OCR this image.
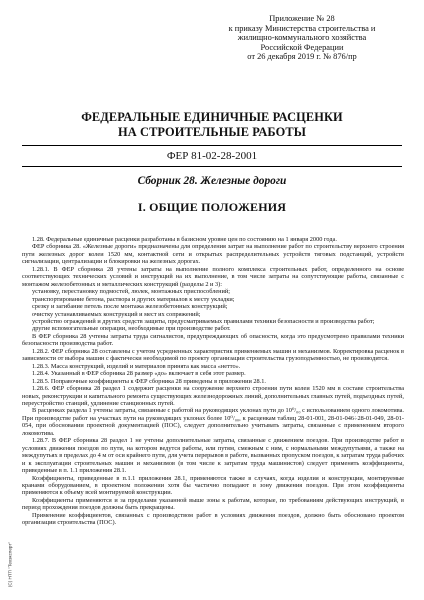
Приложение № 28
к приказу Министерства строительства и
жилищно-коммунального хозяйства
Российской Федерации
от 26 декабря 2019 г. № 876/пр
ФЕДЕРАЛЬНЫЕ ЕДИНИЧНЫЕ РАСЦЕНКИ
НА СТРОИТЕЛЬНЫЕ РАБОТЫ
ФЕР 81-02-28-2001
Сборник 28. Железные дороги
I. ОБЩИЕ ПОЛОЖЕНИЯ

1.28. Федеральные единичные расценки разработаны в базисном уровне цен по состоянию на 1 января 2000 года.

ФЕР сборника 28. «Железные дороги» предназначены для определения затрат на выполнение работ по строительству верхнего строения пути железных дорог колеи 1520 мм, контактной сети и открытых распределительных устройств тяговых подстанций, устройств сигнализации, централизации и блокировки на железных дорогах.

1.28.1. В ФЕР сборника 28 учтены затраты на выполнение полного комплекса строительных работ, определенного на основе соответствующих технических условий и инструкций на их выполнение, в том числе затраты на сопутствующие работы, связанные с монтажом железобетонных и металлических конструкций (разделы 2 и 3):

установку, перестановку подмостей, люлек, монтажных приспособлений;

транспортирование бетона, раствора и других материалов к месту укладки;

срезку и загибание петель после монтажа железобетонных конструкций;

очистку устанавливаемых конструкций и мест их сопряжений;

устройство ограждений и других средств защиты, предусматриваемых правилами техники безопасности и производства работ;

другие вспомогательные операции, необходимые при производстве работ.

В ФЕР сборника 28 учтены затраты труда сигналистов, предупреждающих об опасности, когда это предусмотрено правилами техники безопасности производства работ.

1.28.2. ФЕР сборника 28 составлены с учетом усредненных характеристик применяемых машин и механизмов. Корректировка расценок в зависимости от выбора машин с фактически необходимой по проекту организации строительства грузоподъемностью, не производится.

1.28.3. Масса конструкций, изделий и материалов принята как масса «нетто».

1.28.4. Указанный в ФЕР сборника 28 размер «до» включает в себя этот размер.

1.28.5. Поправочные коэффициенты к ФЕР сборника 28 приведены в приложении 28.1.

1.28.6. ФЕР сборника 28 раздел 1 содержит расценки на сооружение верхнего строения пути колеи 1520 мм в составе строительства новых, реконструкции и капитального ремонта существующих железнодорожных линий, дополнительных главных путей, подъездных путей, переустройство станций, удлинение станционных путей.

В расценках раздела 1 учтены затраты, связанные с работой на руководящих уклонах пути до 10⁰/₀₀ с использованием одного локомотива. При производстве работ на участках пути на руководящих уклонах более 10⁰/₀₀, к расценкам таблиц 28-01-001, 28-01-046÷28-01-049, 28-01-054, при обосновании проектной документацией (ПОС), следует дополнительно учитывать затраты, связанные с применением второго локомотива.

1.28.7. В ФЕР сборника 28 раздел 1 не учтены дополнительные затраты, связанные с движением поездов. При производстве работ в условиях движения поездов по пути, на котором ведутся работы, или путям, смежным с ним, с нормальными междупутьями, а также на междупутьях в пределах до 4 м от оси крайнего пути, для учета перерывов в работе, вызванных пропуском поездов, к затратам труда рабочих и к эксплуатации строительных машин и механизмов (в том числе к затратам труда машинистов) следует применять коэффициенты, приведенные в п. 1.1 приложения 28.1.

Коэффициенты, приведенные в п.1.1 приложения 28.1, применяются также в случаях, когда изделия и конструкции, монтируемые кранами оборудованием, в проектном положении хотя бы частично попадают в зону движения поездов. При этом коэффициенты применяются к объему всей монтируемой конструкции.

Коэффициенты применяются и за пределами указанной выше зоны к работам, которые, по требованиям действующих инструкций, в период прохождения поездов должны быть прекращены.

Применение коэффициентов, связанных с производством работ в условиях движения поездов, должно быть обосновано проектом организации строительства (ПОС).

(С) НТП "Техэксперт"
